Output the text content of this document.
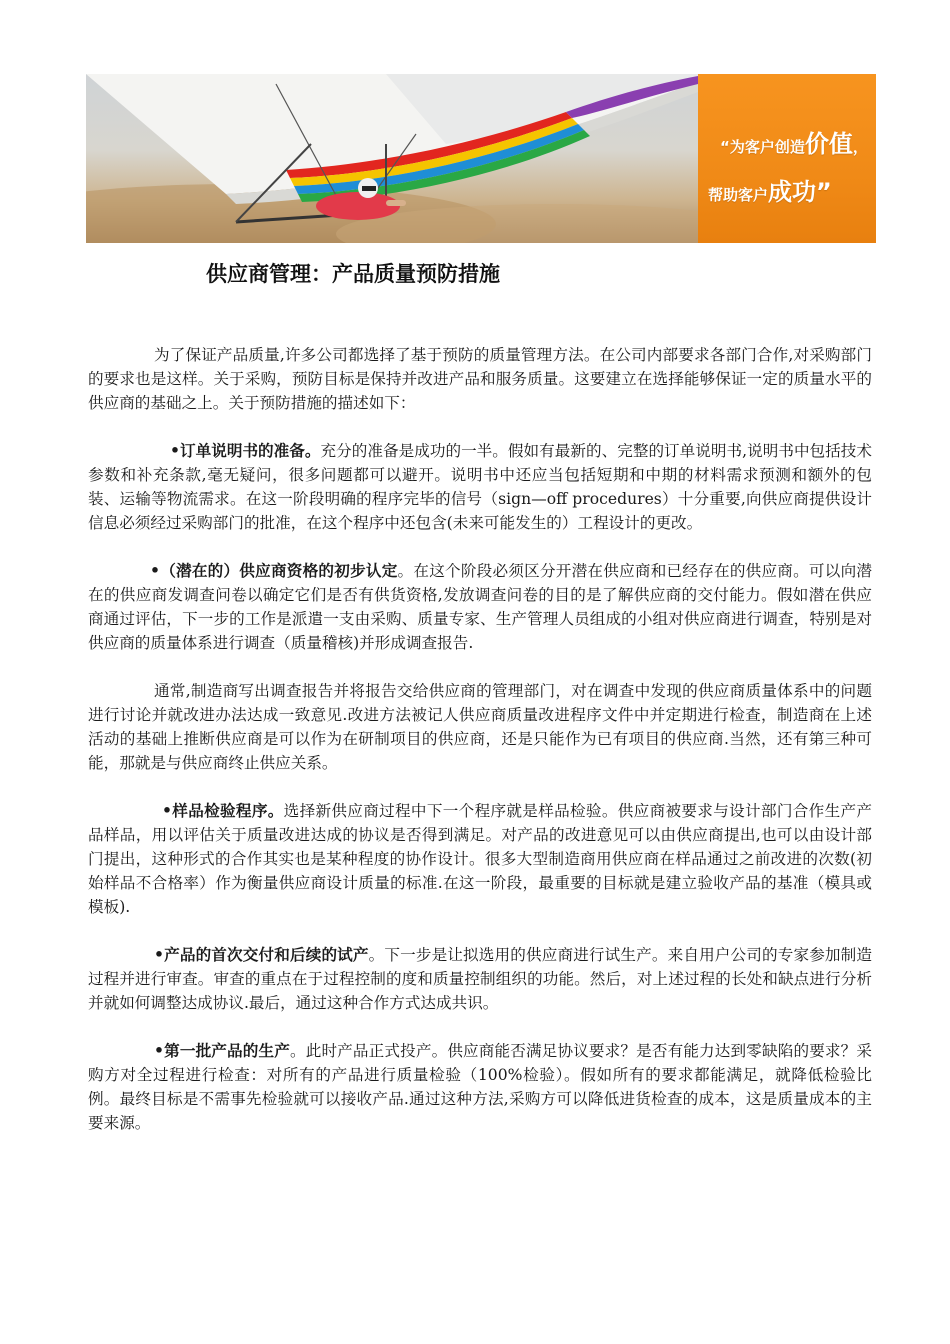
“为客户创造价值，
帮助客户成功”
供应商管理：产品质量预防措施

为了保证产品质量,许多公司都选择了基于预防的质量管理方法。在公司内部要求各部门合作,对采购部门的要求也是这样。关于采购，预防目标是保持并改进产品和服务质量。这要建立在选择能够保证一定的质量水平的供应商的基础之上。关于预防措施的描述如下：

•订单说明书的准备。充分的准备是成功的一半。假如有最新的、完整的订单说明书,说明书中包括技术参数和补充条款,毫无疑问，很多问题都可以避开。说明书中还应当包括短期和中期的材料需求预测和额外的包装、运输等物流需求。在这一阶段明确的程序完毕的信号（sign—off procedures）十分重要,向供应商提供设计信息必须经过采购部门的批准，在这个程序中还包含(未来可能发生的）工程设计的更改。

•（潜在的）供应商资格的初步认定。在这个阶段必须区分开潜在供应商和已经存在的供应商。可以向潜在的供应商发调查问卷以确定它们是否有供货资格,发放调查问卷的目的是了解供应商的交付能力。假如潜在供应商通过评估，下一步的工作是派遣一支由采购、质量专家、生产管理人员组成的小组对供应商进行调查，特别是对供应商的质量体系进行调查（质量稽核)并形成调查报告.

通常,制造商写出调查报告并将报告交给供应商的管理部门，对在调查中发现的供应商质量体系中的问题进行讨论并就改进办法达成一致意见.改进方法被记人供应商质量改进程序文件中并定期进行检查，制造商在上述活动的基础上推断供应商是可以作为在研制项目的供应商，还是只能作为已有项目的供应商.当然，还有第三种可能，那就是与供应商终止供应关系。

•样品检验程序。选择新供应商过程中下一个程序就是样品检验。供应商被要求与设计部门合作生产产品样品，用以评估关于质量改进达成的协议是否得到满足。对产品的改进意见可以由供应商提出,也可以由设计部门提出，这种形式的合作其实也是某种程度的协作设计。很多大型制造商用供应商在样品通过之前改进的次数(初始样品不合格率）作为衡量供应商设计质量的标准.在这一阶段，最重要的目标就是建立验收产品的基准（模具或模板).

•产品的首次交付和后续的试产。下一步是让拟选用的供应商进行试生产。来自用户公司的专家参加制造过程并进行审查。审查的重点在于过程控制的度和质量控制组织的功能。然后，对上述过程的长处和缺点进行分析并就如何调整达成协议.最后，通过这种合作方式达成共识。

•第一批产品的生产。此时产品正式投产。供应商能否满足协议要求？是否有能力达到零缺陷的要求？采购方对全过程进行检查：对所有的产品进行质量检验（100%检验）。假如所有的要求都能满足，就降低检验比例。最终目标是不需事先检验就可以接收产品.通过这种方法,采购方可以降低进货检查的成本，这是质量成本的主要来源。
